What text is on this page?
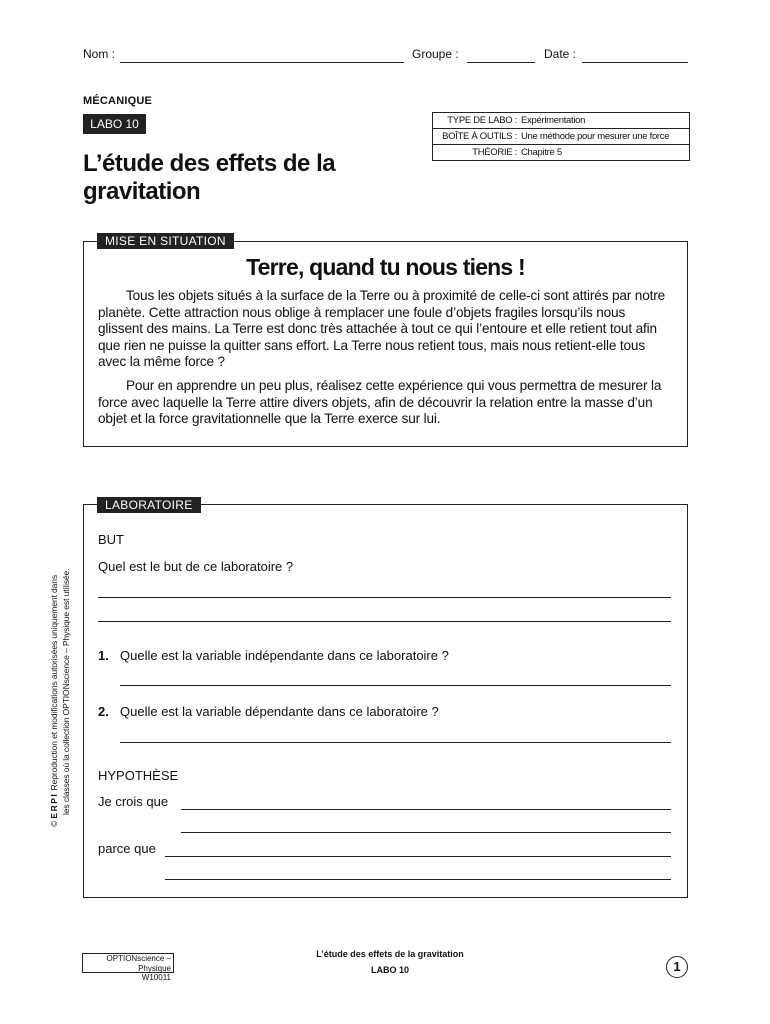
Nom :	Groupe :	Date :
MÉCANIQUE
LABO 10
L’étude des effets de la gravitation
TYPE DE LABO : Expérimentation
BOÎTE À OUTILS : Une méthode pour mesurer une force
THÉORIE : Chapitre 5
Terre, quand tu nous tiens !
Tous les objets situés à la surface de la Terre ou à proximité de celle-ci sont attirés par notre planète. Cette attraction nous oblige à remplacer une foule d’objets fragiles lorsqu’ils nous glissent des mains. La Terre est donc très attachée à tout ce qui l’entoure et elle retient tout afin que rien ne puisse la quitter sans effort. La Terre nous retient tous, mais nous retient-elle tous avec la même force ?
Pour en apprendre un peu plus, réalisez cette expérience qui vous permettra de mesurer la force avec laquelle la Terre attire divers objets, afin de découvrir la relation entre la masse d’un objet et la force gravitationnelle que la Terre exerce sur lui.
MISE EN SITUATION
LABORATOIRE
BUT
Quel est le but de ce laboratoire ?
1. Quelle est la variable indépendante dans ce laboratoire ?
2. Quelle est la variable dépendante dans ce laboratoire ?
HYPOTHÈSE
Je crois que
parce que
© ERPI Reproduction et modifications autorisées uniquement dans les classes où la collection OPTIONscience – Physique est utilisée.
OPTIONscience – Physique
W10011
L’étude des effets de la gravitation
LABO 10	1
